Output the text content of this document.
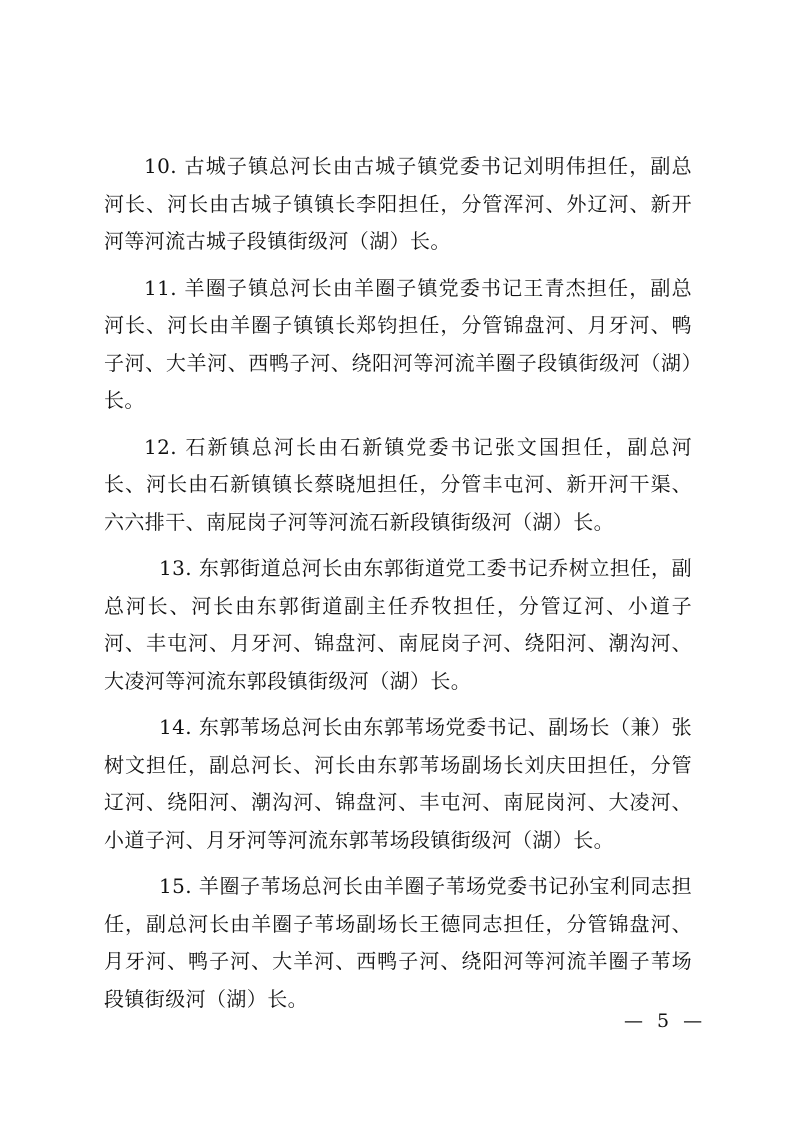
10. 古城子镇总河长由古城子镇党委书记刘明伟担任，副总河长、河长由古城子镇镇长李阳担任，分管浑河、外辽河、新开河等河流古城子段镇街级河（湖）长。

11. 羊圈子镇总河长由羊圈子镇党委书记王青杰担任，副总河长、河长由羊圈子镇镇长郑钧担任，分管锦盘河、月牙河、鸭子河、大羊河、西鸭子河、绕阳河等河流羊圈子段镇街级河（湖）长。

12. 石新镇总河长由石新镇党委书记张文国担任，副总河长、河长由石新镇镇长蔡晓旭担任，分管丰屯河、新开河干渠、六六排干、南屁岗子河等河流石新段镇街级河（湖）长。

13. 东郭街道总河长由东郭街道党工委书记乔树立担任，副总河长、河长由东郭街道副主任乔牧担任，分管辽河、小道子河、丰屯河、月牙河、锦盘河、南屁岗子河、绕阳河、潮沟河、大凌河等河流东郭段镇街级河（湖）长。

14. 东郭苇场总河长由东郭苇场党委书记、副场长（兼）张树文担任，副总河长、河长由东郭苇场副场长刘庆田担任，分管辽河、绕阳河、潮沟河、锦盘河、丰屯河、南屁岗河、大凌河、小道子河、月牙河等河流东郭苇场段镇街级河（湖）长。

15. 羊圈子苇场总河长由羊圈子苇场党委书记孙宝利同志担任，副总河长由羊圈子苇场副场长王德同志担任，分管锦盘河、月牙河、鸭子河、大羊河、西鸭子河、绕阳河等河流羊圈子苇场段镇街级河（湖）长。

— 5 —
